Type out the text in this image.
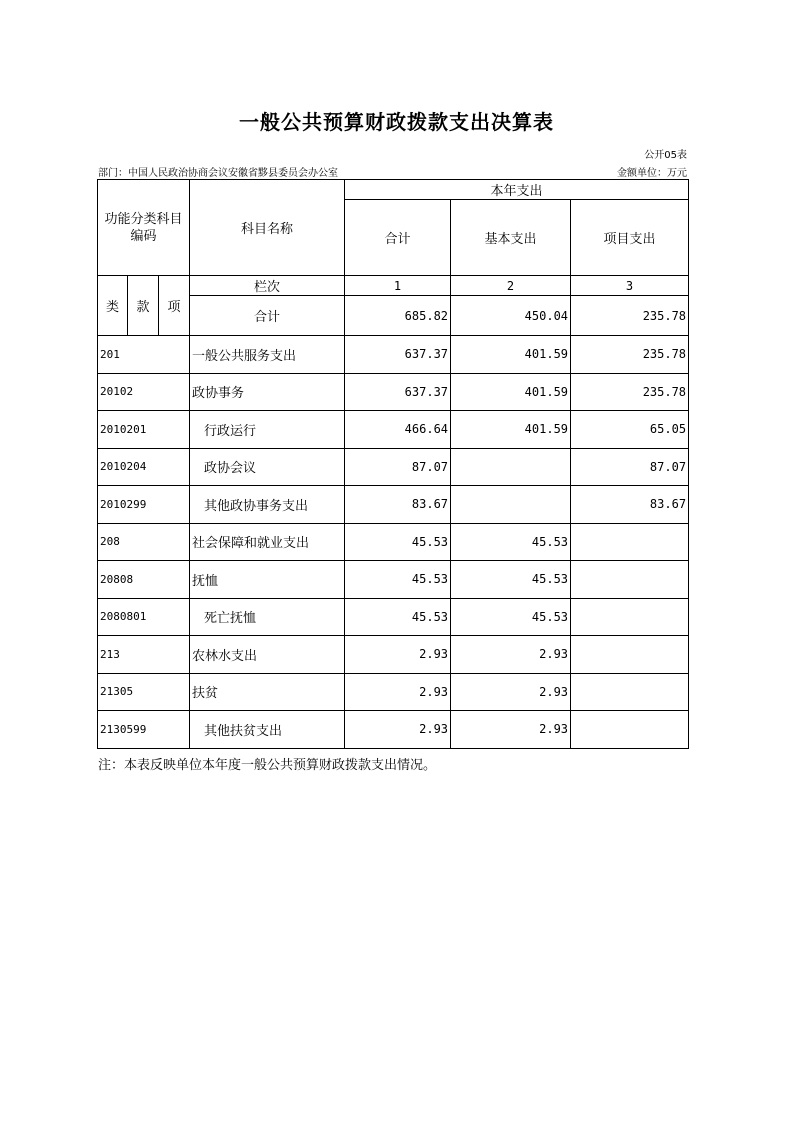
一般公共预算财政拨款支出决算表
公开05表
部门：中国人民政治协商会议安徽省黟县委员会办公室	金额单位：万元
功能分类科目编码			科目名称	本年支出		
				合计	基本支出	项目支出
类	款	项	栏次	1	2	3
			合计	685.82	450.04	235.78
201			一般公共服务支出	637.37	401.59	235.78
20102			政协事务	637.37	401.59	235.78
2010201			行政运行	466.64	401.59	65.05
2010204			政协会议	87.07		87.07
2010299			其他政协事务支出	83.67		83.67
208			社会保障和就业支出	45.53	45.53	
20808			抚恤	45.53	45.53	
2080801			死亡抚恤	45.53	45.53	
213			农林水支出	2.93	2.93	
21305			扶贫	2.93	2.93	
2130599			其他扶贫支出	2.93	2.93	
注：本表反映单位本年度一般公共预算财政拨款支出情况。
